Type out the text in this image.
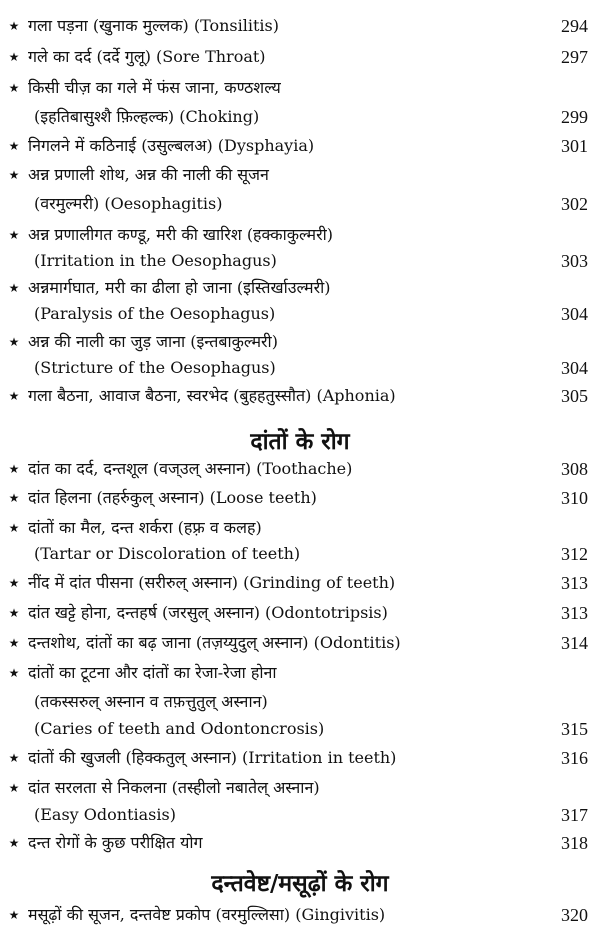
★ गला पड़ना (खुनाक मुल्लक) (Tonsilitis)	294
★ गले का दर्द (दर्दे गुलू) (Sore Throat)	297
★ किसी चीज़ का गले में फंस जाना, कण्ठशल्य
(इहतिबासुश्शै फ़िल्हल्क) (Choking)	299
★ निगलने में कठिनाई (उसुल्बलअ) (Dysphayia)	301
★ अन्न प्रणाली शोथ, अन्न की नाली की सूजन
(वरमुल्मरी) (Oesophagitis)	302
★ अन्न प्रणालीगत कण्डू, मरी की खारिश (हक्काकुल्मरी)
(Irritation in the Oesophagus)	303
★ अन्नमार्गघात, मरी का ढीला हो जाना (इस्तिर्खाउल्मरी)
(Paralysis of the Oesophagus)	304
★ अन्न की नाली का जुड़ जाना (इन्तबाकुल्मरी)
(Stricture of the Oesophagus)	304
★ गला बैठना, आवाज बैठना, स्वरभेद (बुहहतुस्सौत) (Aphonia)	305
दांतों के रोग
★ दांत का दर्द, दन्तशूल (वज्उल् अस्नान) (Toothache)	308
★ दांत हिलना (तहर्रुकुल् अस्नान) (Loose teeth)	310
★ दांतों का मैल, दन्त शर्करा (हफ़्र व कलह)
(Tartar or Discoloration of teeth)	312
★ नींद में दांत पीसना (सरीरुल् अस्नान) (Grinding of teeth)	313
★ दांत खट्टे होना, दन्तहर्ष (जरसुल् अस्नान) (Odontotripsis)	313
★ दन्तशोथ, दांतों का बढ़ जाना (तज़य्युदुल् अस्नान) (Odontitis)	314
★ दांतों का टूटना और दांतों का रेजा-रेजा होना
(तकस्सरुल् अस्नान व तफ़त्तुतुल् अस्नान)
(Caries of teeth and Odontoncrosis)	315
★ दांतों की खुजली (हिक्कतुल् अस्नान) (Irritation in teeth)	316
★ दांत सरलता से निकलना (तस्हीलो नबातेल् अस्नान)
(Easy Odontiasis)	317
★ दन्त रोगों के कुछ परीक्षित योग	318
दन्तवेष्ट/मसूढ़ों के रोग
★ मसूढ़ों की सूजन, दन्तवेष्ट प्रकोप (वरमुल्लिसा) (Gingivitis)	320
